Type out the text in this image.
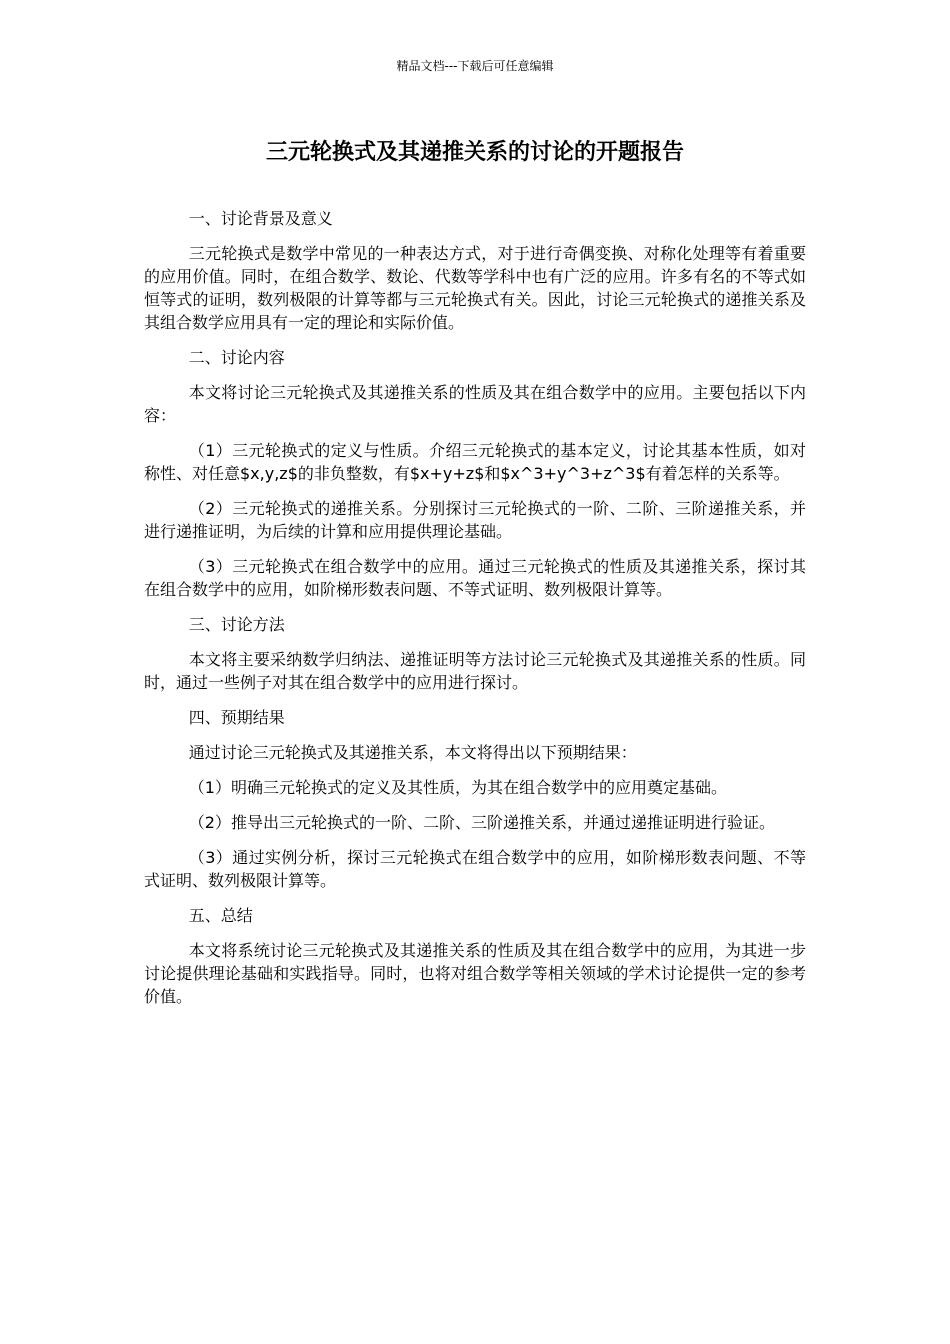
精品文档---下载后可任意编辑
三元轮换式及其递推关系的讨论的开题报告

一、讨论背景及意义

三元轮换式是数学中常见的一种表达方式，对于进行奇偶变换、对称化处理等有着重要的应用价值。同时，在组合数学、数论、代数等学科中也有广泛的应用。许多有名的不等式如恒等式的证明，数列极限的计算等都与三元轮换式有关。因此，讨论三元轮换式的递推关系及其组合数学应用具有一定的理论和实际价值。

二、讨论内容

本文将讨论三元轮换式及其递推关系的性质及其在组合数学中的应用。主要包括以下内容：

（1）三元轮换式的定义与性质。介绍三元轮换式的基本定义，讨论其基本性质，如对称性、对任意$x,y,z$的非负整数，有$x+y+z$和$x^3+y^3+z^3$有着怎样的关系等。

（2）三元轮换式的递推关系。分别探讨三元轮换式的一阶、二阶、三阶递推关系，并进行递推证明，为后续的计算和应用提供理论基础。

（3）三元轮换式在组合数学中的应用。通过三元轮换式的性质及其递推关系，探讨其在组合数学中的应用，如阶梯形数表问题、不等式证明、数列极限计算等。

三、讨论方法

本文将主要采纳数学归纳法、递推证明等方法讨论三元轮换式及其递推关系的性质。同时，通过一些例子对其在组合数学中的应用进行探讨。

四、预期结果

通过讨论三元轮换式及其递推关系，本文将得出以下预期结果：

（1）明确三元轮换式的定义及其性质，为其在组合数学中的应用奠定基础。

（2）推导出三元轮换式的一阶、二阶、三阶递推关系，并通过递推证明进行验证。

（3）通过实例分析，探讨三元轮换式在组合数学中的应用，如阶梯形数表问题、不等式证明、数列极限计算等。

五、总结

本文将系统讨论三元轮换式及其递推关系的性质及其在组合数学中的应用，为其进一步讨论提供理论基础和实践指导。同时，也将对组合数学等相关领域的学术讨论提供一定的参考价值。
